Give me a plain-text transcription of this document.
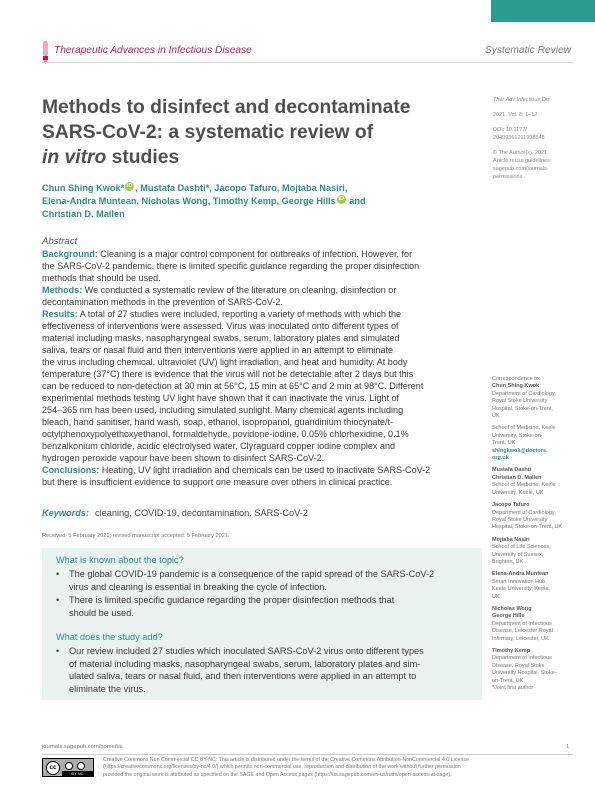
Therapeutic Advances in Infectious Disease	Systematic Review
Methods to disinfect and decontaminate
SARS-CoV-2: a systematic review of
in vitro studies
Ther Adv Infectious Dis
2021, Vol. 8: 1–12
DOI: 10.1177/
20499361211998548
© The Author(s), 2021.
Article reuse guidelines:
sagepub.com/journals-
permissions
Chun Shing Kwok* iD , Mustafa Dashti*, Jacopo Tafuro, Mojtaba Nasiri,
Elena-Andra Muntean, Nicholas Wong, Timothy Kemp, George Hills iD and
Christian D. Mallen
Abstract
Background: Cleaning is a major control component for outbreaks of infection. However, for
the SARS-CoV-2 pandemic, there is limited specific guidance regarding the proper disinfection
methods that should be used.
Methods: We conducted a systematic review of the literature on cleaning, disinfection or
decontamination methods in the prevention of SARS-CoV-2.
Results: A total of 27 studies were included, reporting a variety of methods with which the
effectiveness of interventions were assessed. Virus was inoculated onto different types of
material including masks, nasopharyngeal swabs, serum, laboratory plates and simulated
saliva, tears or nasal fluid and then interventions were applied in an attempt to eliminate
the virus including chemical, ultraviolet (UV) light irradiation, and heat and humidity. At body
temperature (37°C) there is evidence that the virus will not be detectable after 2 days but this
can be reduced to non-detection at 30 min at 56°C, 15 min at 65°C and 2 min at 98°C. Different
experimental methods testing UV light have shown that it can inactivate the virus. Light of
254–365 nm has been used, including simulated sunlight. Many chemical agents including
bleach, hand sanitiser, hand wash, soap, ethanol, isopropanol, guandinium thiocynate/t-
octylphenoxypolyethoxyethanol, formaldehyde, povidone-iodine, 0.05% chlorhexidine, 0.1%
benzalkonium chloride, acidic electrolysed water, Clyraguard copper iodine complex and
hydrogen peroxide vapour have been shown to disinfect SARS-CoV-2.
Conclusions: Heating, UV light irradiation and chemicals can be used to inactivate SARS-CoV-2
but there is insufficient evidence to support one measure over others in clinical practice.
Keywords: cleaning, COVID-19, decontamination, SARS-CoV-2
Received: 5 February 2021; revised manuscript accepted: 5 February 2021.
What is known about the topic?
•	The global COVID-19 pandemic is a consequence of the rapid spread of the SARS-CoV-2
virus and cleaning is essential in breaking the cycle of infection.
•	There is limited specific guidance regarding the proper disinfection methods that
should be used.
What does the study add?
•	Our review included 27 studies which inoculated SARS-CoV-2 virus onto different types
of material including masks, nasopharyngeal swabs, serum, laboratory plates and sim-
ulated saliva, tears or nasal fluid, and then interventions were applied in an attempt to
eliminate the virus.
Correspondence to:
Chun Shing Kwok
Department of Cardiology,
Royal Stoke University
Hospital, Stoke-on-Trent,
UK
School of Medicine, Keele
University, Stoke-on-
Trent, UK
shingkwok@doctors.
org.uk
Mustafa Dashti
Christian D. Mallen
School of Medicine, Keele
University, Keele, UK
Jacopo Tafuro
Department of Cardiology,
Royal Stoke University
Hospital, Stoke-on-Trent, UK
Mojtaba Nasiri
School of Life Sciences,
University of Sussex,
Brighton, UK
Elena-Andra Muntean
Smart Innovation Hub,
Keele University, Keele,
UK
Nicholas Wong
George Hills
Department of Infectious
Disease, Leicester Royal
Infirmary, Leicester, UK
Timothy Kemp
Department of Infectious
Disease, Royal Stoke
University Hospital, Stoke-
on-Trent, UK
*Joint first author
journals.sagepub.com/home/tai	1
cc
BY NC
Creative Commons Non Commercial CC BY-NC: This article is distributed under the terms of the Creative Commons Attribution-NonCommercial 4.0 License
(https://creativecommons.org/licenses/by-nc/4.0/) which permits non-commercial use, reproduction and distribution of the work without further permission
provided the original work is attributed as specified on the SAGE and Open Access pages (https://us.sagepub.com/en-us/nam/open-access-at-sage).
